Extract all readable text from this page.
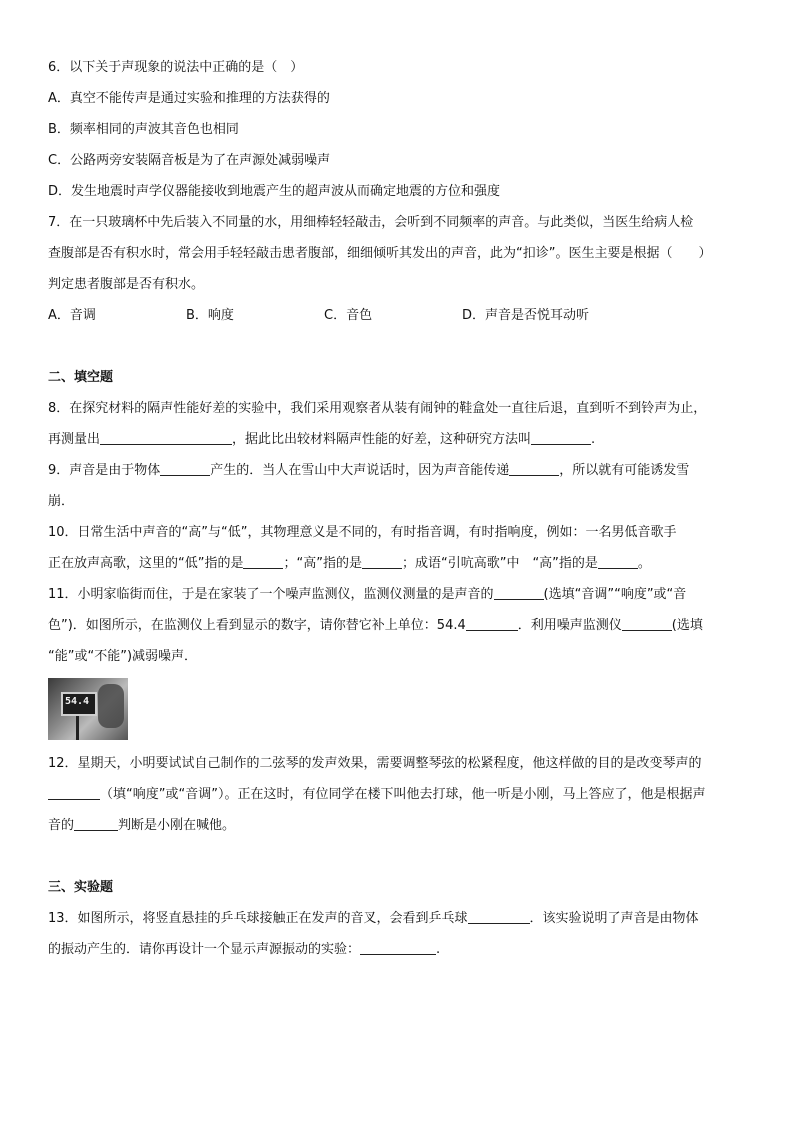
6．以下关于声现象的说法中正确的是（　）
A．真空不能传声是通过实验和推理的方法获得的
B．频率相同的声波其音色也相同
C．公路两旁安装隔音板是为了在声源处减弱噪声
D．发生地震时声学仪器能接收到地震产生的超声波从而确定地震的方位和强度
7．在一只玻璃杯中先后装入不同量的水，用细棒轻轻敲击，会听到不同频率的声音。与此类似，当医生给病人检
查腹部是否有积水时，常会用手轻轻敲击患者腹部，细细倾听其发出的声音，此为“扣诊”。医生主要是根据（　　）
判定患者腹部是否有积水。
A．音调	B．响度	C．音色	D．声音是否悦耳动听
二、填空题
8．在探究材料的隔声性能好差的实验中，我们采用观察者从装有闹钟的鞋盒处一直往后退，直到听不到铃声为止，
再测量出	，据此比出较材料隔声性能的好差，这种研究方法叫	.
9．声音是由于物体	产生的．当人在雪山中大声说话时，因为声音能传递	，所以就有可能诱发雪
崩．
10．日常生活中声音的“高”与“低”，其物理意义是不同的，有时指音调，有时指响度，例如：一名男低音歌手
正在放声高歌，这里的“低”指的是	；“高”指的是	；成语“引吭高歌”中　“高”指的是	。
11．小明家临街而住，于是在家装了一个噪声监测仪，监测仪测量的是声音的	(选填“音调”“响度”或“音
色”)．如图所示，在监测仪上看到显示的数字，请你替它补上单位：54.4	．利用噪声监测仪	(选填
“能”或“不能”)减弱噪声．
54.4
12．星期天，小明要试试自己制作的二弦琴的发声效果，需要调整琴弦的松紧程度，他这样做的目的是改变琴声的
（填“响度”或“音调”）。正在这时，有位同学在楼下叫他去打球，他一听是小刚，马上答应了，他是根据声
音的	判断是小刚在喊他。
三、实验题
13．如图所示，将竖直悬挂的乒乓球接触正在发声的音叉，会看到乒乓球	．该实验说明了声音是由物体
的振动产生的．请你再设计一个显示声源振动的实验：	.
